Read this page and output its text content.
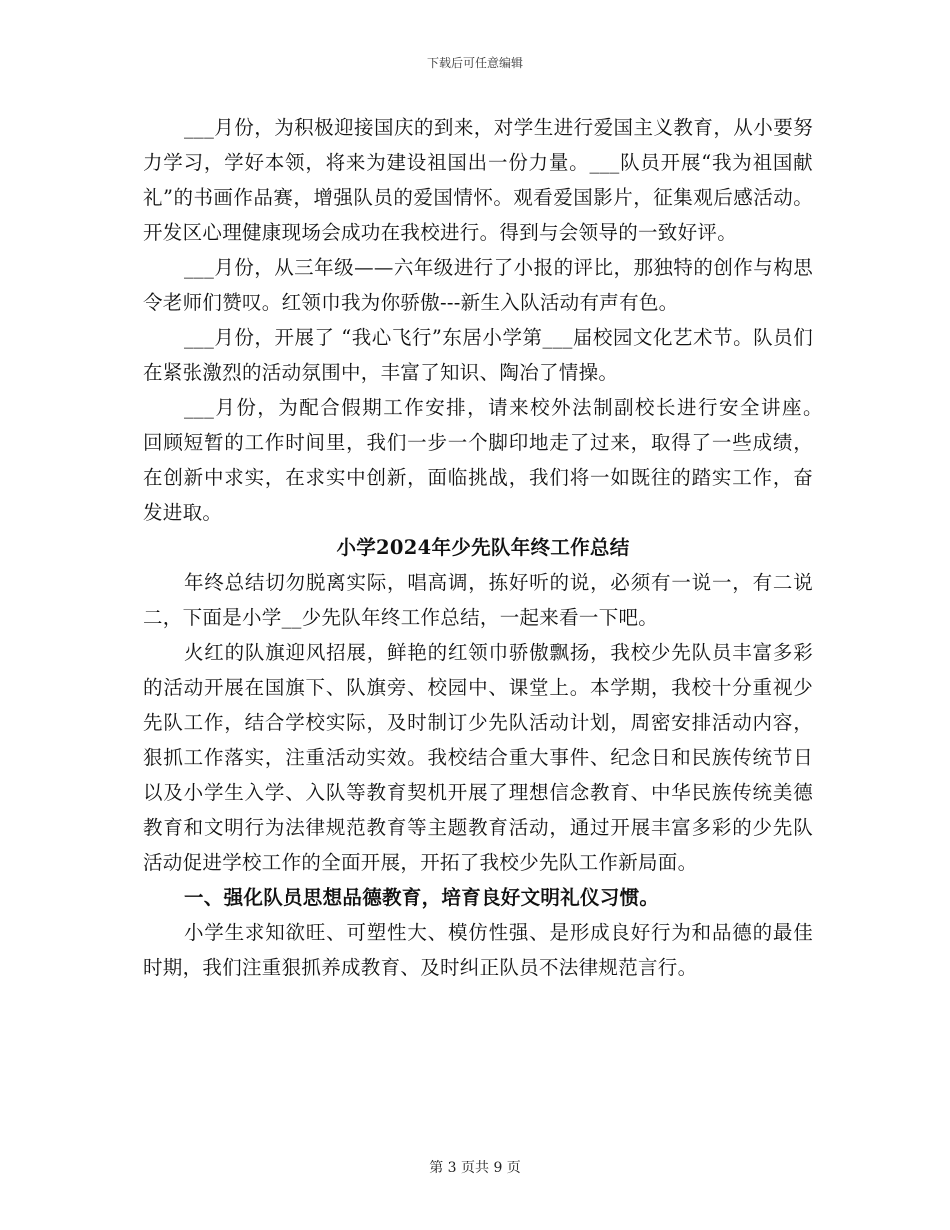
下载后可任意编辑

___月份，为积极迎接国庆的到来，对学生进行爱国主义教育，从小要努力学习，学好本领，将来为建设祖国出一份力量。___队员开展“我为祖国献礼”的书画作品赛，增强队员的爱国情怀。观看爱国影片，征集观后感活动。开发区心理健康现场会成功在我校进行。得到与会领导的一致好评。

___月份，从三年级——六年级进行了小报的评比，那独特的创作与构思令老师们赞叹。红领巾我为你骄傲---新生入队活动有声有色。

___月份，开展了 “我心飞行”东居小学第___届校园文化艺术节。队员们在紧张激烈的活动氛围中，丰富了知识、陶冶了情操。

___月份，为配合假期工作安排，请来校外法制副校长进行安全讲座。　回顾短暂的工作时间里，我们一步一个脚印地走了过来，取得了一些成绩，在创新中求实，在求实中创新，面临挑战，我们将一如既往的踏实工作，奋发进取。

小学2024年少先队年终工作总结

年终总结切勿脱离实际，唱高调，拣好听的说，必须有一说一，有二说二，下面是小学__少先队年终工作总结，一起来看一下吧。

火红的队旗迎风招展，鲜艳的红领巾骄傲飘扬，我校少先队员丰富多彩的活动开展在国旗下、队旗旁、校园中、课堂上。本学期，我校十分重视少先队工作，结合学校实际，及时制订少先队活动计划，周密安排活动内容，狠抓工作落实，注重活动实效。我校结合重大事件、纪念日和民族传统节日以及小学生入学、入队等教育契机开展了理想信念教育、中华民族传统美德教育和文明行为法律规范教育等主题教育活动，通过开展丰富多彩的少先队活动促进学校工作的全面开展，开拓了我校少先队工作新局面。

一、强化队员思想品德教育，培育良好文明礼仪习惯。

小学生求知欲旺、可塑性大、模仿性强、是形成良好行为和品德的最佳时期，我们注重狠抓养成教育、及时纠正队员不法律规范言行。

第 3 页共 9 页
